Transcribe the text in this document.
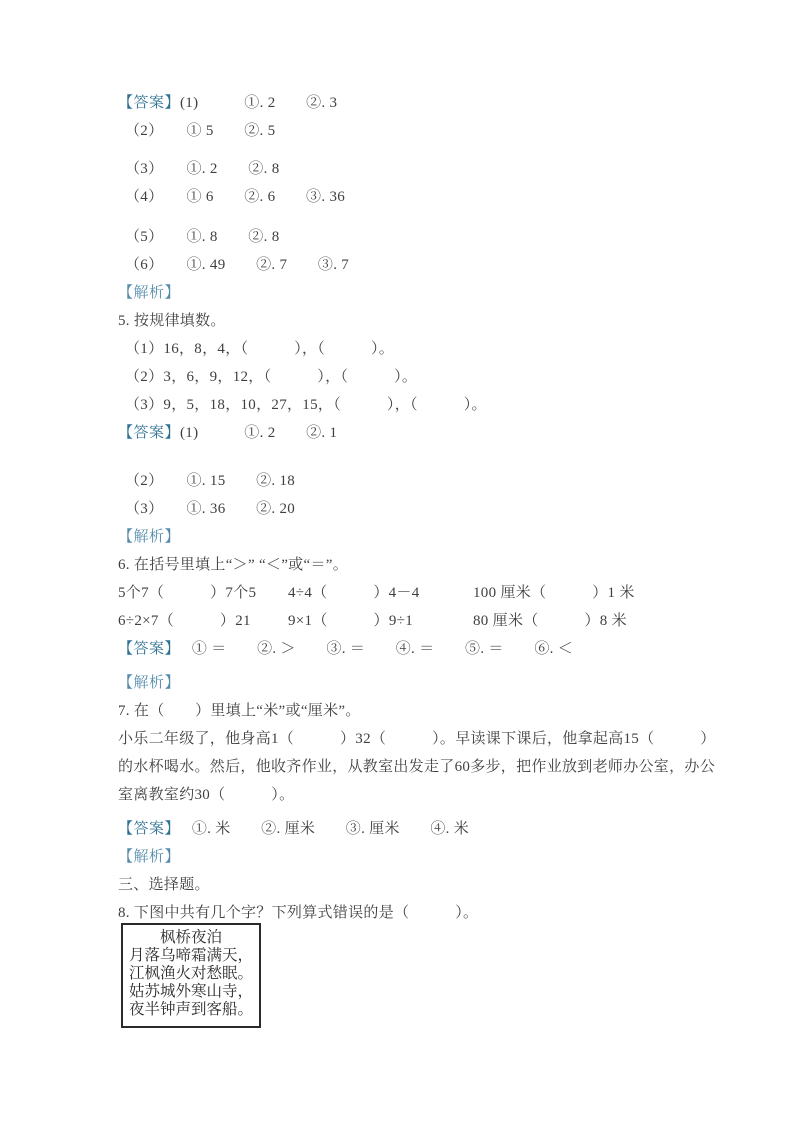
【答案】(1)　　　①. 2　　②. 3
（2）　　① 5　　②. 5
（3）　　①. 2　　②. 8
（4）　　① 6　　②. 6　　③. 36
（5）　　①. 8　　②. 8
（6）　　①. 49　　②. 7　　③. 7
【解析】
5. 按规律填数。
（1）16，8，4，（　　　），（　　　）。
（2）3，6，9，12，（　　　），（　　　）。
（3）9，5，18，10，27，15，（　　　），（　　　）。
【答案】(1)　　　①. 2　　②. 1
（2）　　①. 15　　②. 18
（3）　　①. 36　　②. 20
【解析】
6. 在括号里填上“＞” “＜”或“＝”。
5个7（　　　）7个5	4÷4（　　　）4－4	100 厘米（　　　）1 米
6÷2×7（　　　）21	9×1（　　　）9÷1	80 厘米（　　　）8 米
【答案】　 ① ＝　　②. ＞　　③. ＝　　④. ＝　　⑤. ＝　　⑥. ＜
【解析】
7. 在（　　）里填上“米”或“厘米”。
小乐二年级了，他身高1（　　　）32（　　　）。早读课下课后，他拿起高15（　　　）
的水杯喝水。然后，他收齐作业，从教室出发走了60多步，把作业放到老师办公室，办公
室离教室约30（　　　）。
【答案】　 ①. 米　　②. 厘米　　③. 厘米　　④. 米
【解析】
三、选择题。
8. 下图中共有几个字？下列算式错误的是（　　　）。
枫桥夜泊
月落乌啼霜满天，
江枫渔火对愁眠。
姑苏城外寒山寺，
夜半钟声到客船。
